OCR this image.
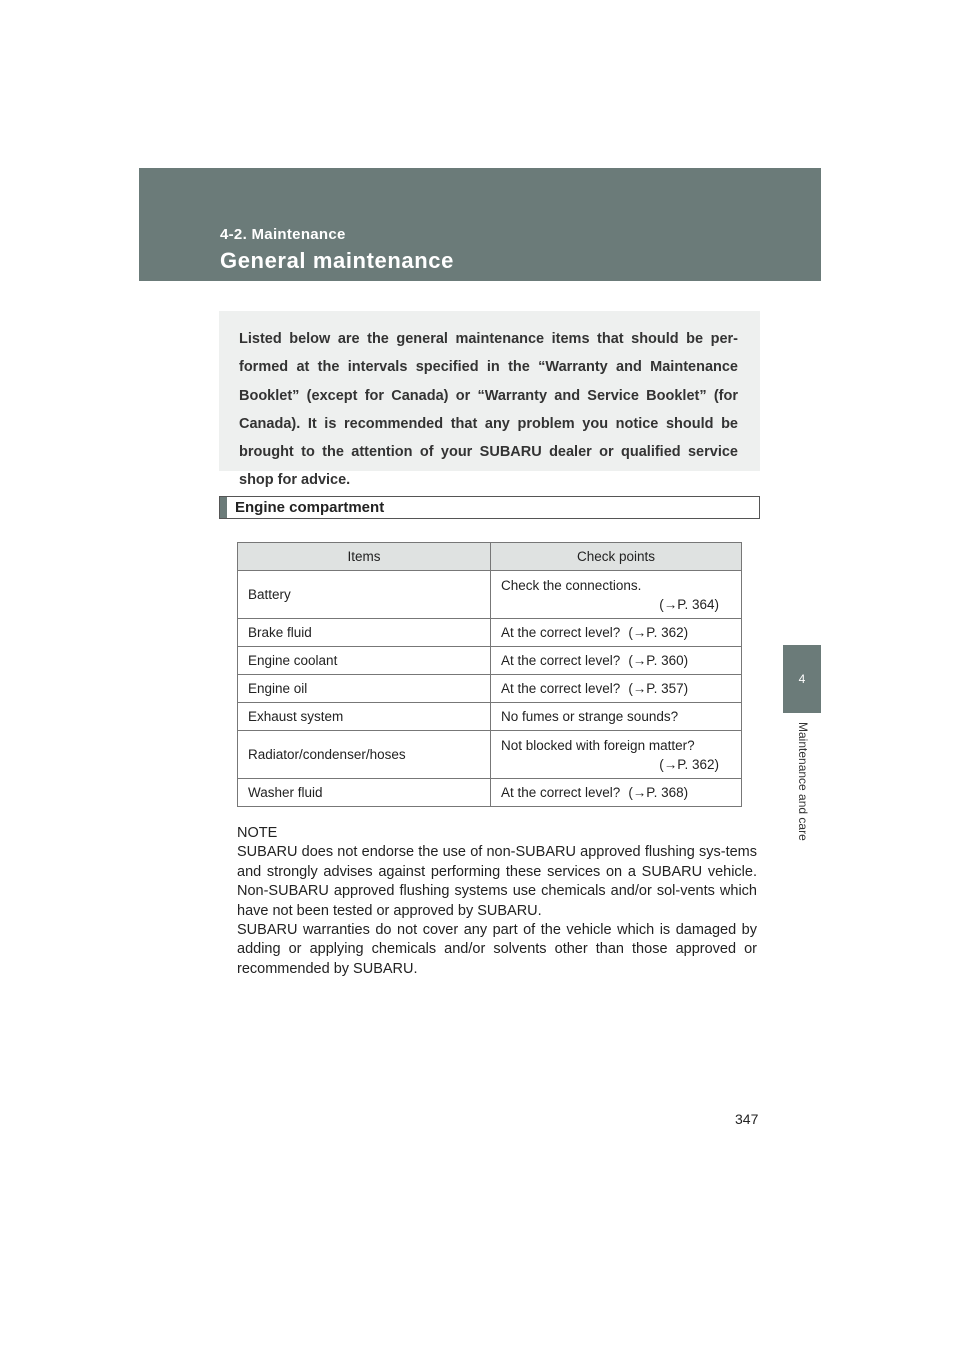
4-2. Maintenance
General maintenance
4
Maintenance and care

Listed below are the general maintenance items that should be per-formed at the intervals specified in the “Warranty and Maintenance Booklet” (except for Canada) or “Warranty and Service Booklet” (for Canada). It is recommended that any problem you notice should be brought to the attention of your SUBARU dealer or qualified service shop for advice.

Engine compartment
Items	Check points
Battery	Check the connections.
(→P. 364)

Brake fluid	At the correct level? (→P. 362)
Engine coolant	At the correct level? (→P. 360)
Engine oil	At the correct level? (→P. 357)
Exhaust system	No fumes or strange sounds?
Radiator/condenser/hoses	Not blocked with foreign matter?
(→P. 362)

Washer fluid	At the correct level? (→P. 368)

NOTE

SUBARU does not endorse the use of non-SUBARU approved flushing sys-tems and strongly advises against performing these services on a SUBARU vehicle. Non-SUBARU approved flushing systems use chemicals and/or sol-vents which have not been tested or approved by SUBARU.

SUBARU warranties do not cover any part of the vehicle which is damaged by adding or applying chemicals and/or solvents other than those approved or recommended by SUBARU.

347
